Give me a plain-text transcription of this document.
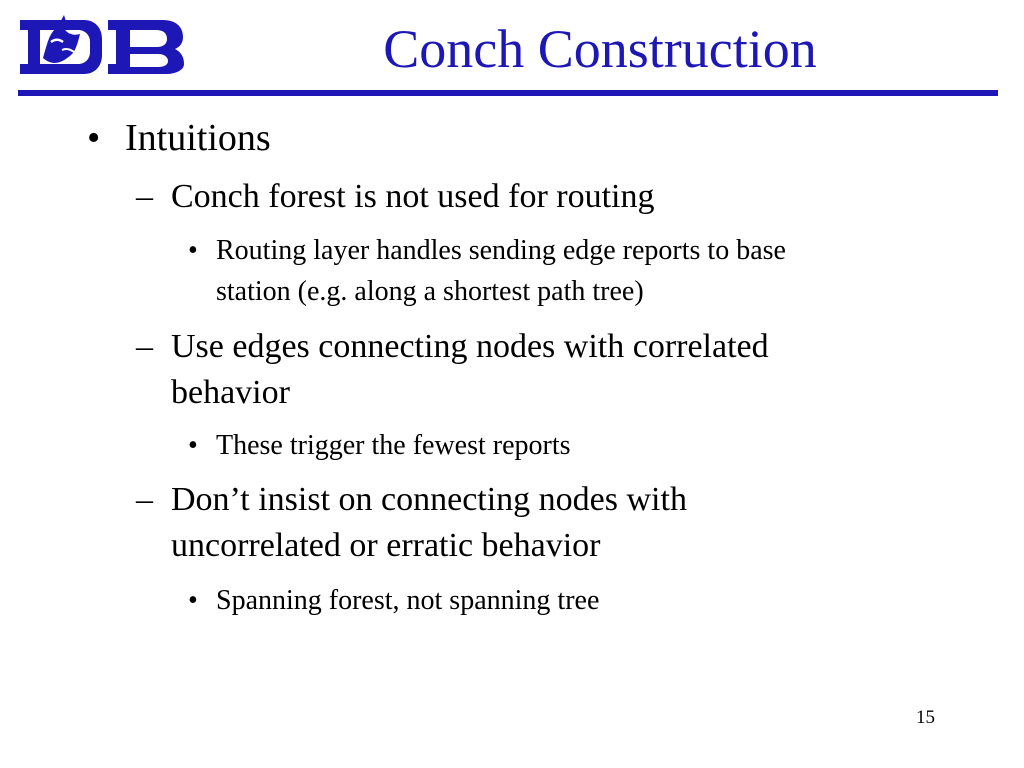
Conch Construction
• Intuitions
– Conch forest is not used for routing
• Routing layer handles sending edge reports to base
station (e.g. along a shortest path tree)
– Use edges connecting nodes with correlated
behavior
• These trigger the fewest reports
– Don’t insist on connecting nodes with
uncorrelated or erratic behavior
• Spanning forest, not spanning tree
15
